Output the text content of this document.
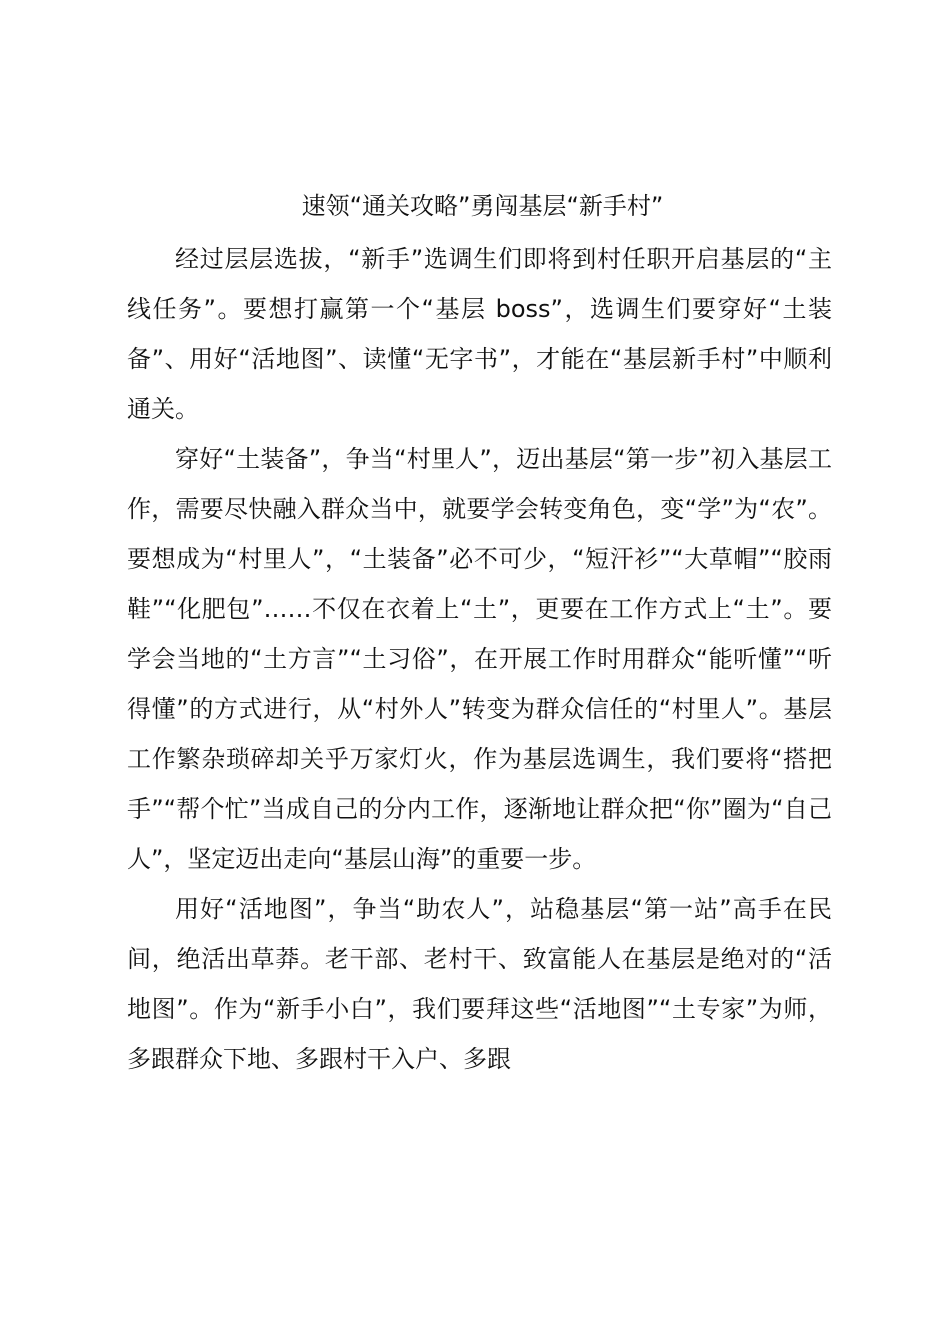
速领“通关攻略”勇闯基层“新手村”

经过层层选拔，“新手”选调生们即将到村任职开启基层的“主线任务”。要想打赢第一个“基层 boss”，选调生们要穿好“土装备”、用好“活地图”、读懂“无字书”，才能在“基层新手村”中顺利通关。

穿好“土装备”，争当“村里人”，迈出基层“第一步”初入基层工作，需要尽快融入群众当中，就要学会转变角色，变“学”为“农”。要想成为“村里人”，“土装备”必不可少，“短汗衫”“大草帽”“胶雨鞋”“化肥包”……不仅在衣着上“土”，更要在工作方式上“土”。要学会当地的“土方言”“土习俗”，在开展工作时用群众“能听懂”“听得懂”的方式进行，从“村外人”转变为群众信任的“村里人”。基层工作繁杂琐碎却关乎万家灯火，作为基层选调生，我们要将“搭把手”“帮个忙”当成自己的分内工作，逐渐地让群众把“你”圈为“自己人”，坚定迈出走向“基层山海”的重要一步。

用好“活地图”，争当“助农人”，站稳基层“第一站”高手在民间，绝活出草莽。老干部、老村干、致富能人在基层是绝对的“活地图”。作为“新手小白”，我们要拜这些“活地图”“土专家”为师，多跟群众下地、多跟村干入户、多跟
